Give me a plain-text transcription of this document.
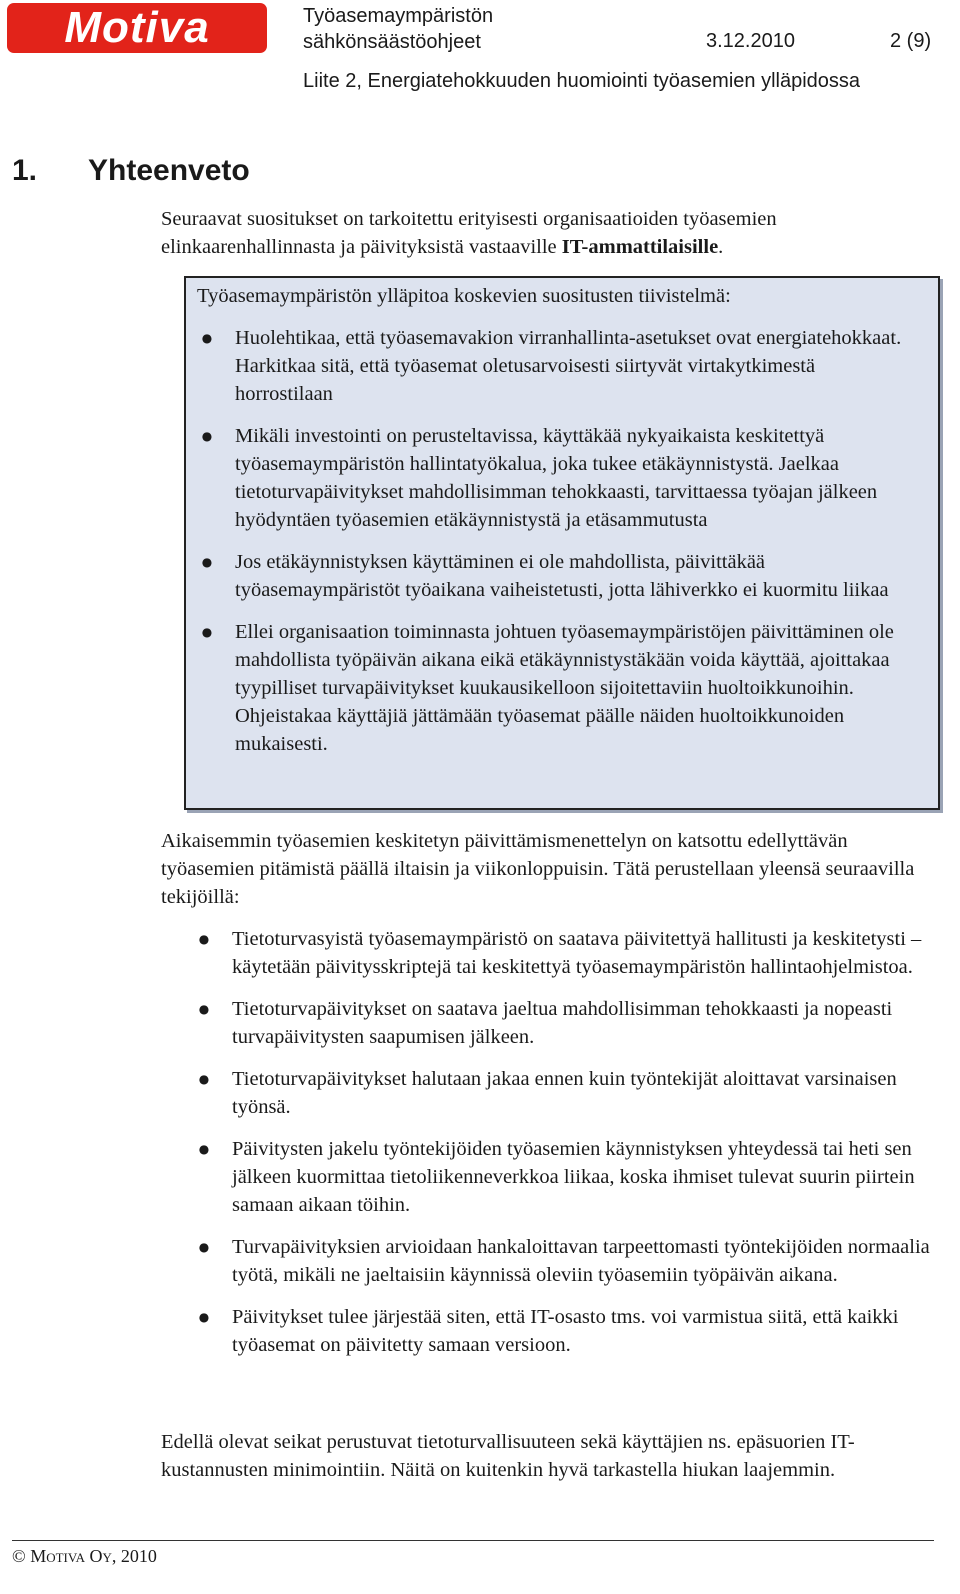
Motiva	Työasemaympäristön sähkönsäästöohjeet	3.12.2010	2 (9)
Liite 2, Energiatehokkuuden huomiointi työasemien ylläpidossa
1. Yhteenveto

Seuraavat suositukset on tarkoitettu erityisesti organisaatioiden työasemien elinkaarenhallinnasta ja päivityksistä vastaaville IT-ammattilaisille.

Työasemaympäristön ylläpitoa koskevien suositusten tiivistelmä:
● Huolehtikaa, että työasemavakion virranhallinta-asetukset ovat energiatehokkaat. Harkitkaa sitä, että työasemat oletusarvoisesti siirtyvät virtakytkimestä horrostilaan
● Mikäli investointi on perusteltavissa, käyttäkää nykyaikaista keskitettyä työasemaympäristön hallintatyökalua, joka tukee etäkäynnistystä. Jaelkaa tietoturvapäivitykset mahdollisimman tehokkaasti, tarvittaessa työajan jälkeen hyödyntäen työasemien etäkäynnistystä ja etäsammutusta
● Jos etäkäynnistyksen käyttäminen ei ole mahdollista, päivittäkää työasemaympäristöt työaikana vaiheistetusti, jotta lähiverkko ei kuormitu liikaa
● Ellei organisaation toiminnasta johtuen työasemaympäristöjen päivittäminen ole mahdollista työpäivän aikana eikä etäkäynnistystäkään voida käyttää, ajoittakaa tyypilliset turvapäivitykset kuukausikelloon sijoitettaviin huoltoikkunoihin. Ohjeistakaa käyttäjiä jättämään työasemat päälle näiden huoltoikkunoiden mukaisesti.

Aikaisemmin työasemien keskitetyn päivittämismenettelyn on katsottu edellyttävän työasemien pitämistä päällä iltaisin ja viikonloppuisin. Tätä perustellaan yleensä seuraavilla tekijöillä:

● Tietoturvasyistä työasemaympäristö on saatava päivitettyä hallitusti ja keskitetysti – käytetään päivitysskriptejä tai keskitettyä työasemaympäristön hallintaohjelmistoa.
● Tietoturvapäivitykset on saatava jaeltua mahdollisimman tehokkaasti ja nopeasti turvapäivitysten saapumisen jälkeen.
● Tietoturvapäivitykset halutaan jakaa ennen kuin työntekijät aloittavat varsinaisen työnsä.
● Päivitysten jakelu työntekijöiden työasemien käynnistyksen yhteydessä tai heti sen jälkeen kuormittaa tietoliikenneverkkoa liikaa, koska ihmiset tulevat suurin piirtein samaan aikaan töihin.
● Turvapäivityksien arvioidaan hankaloittavan tarpeettomasti työntekijöiden normaalia työtä, mikäli ne jaeltaisiin käynnissä oleviin työasemiin työpäivän aikana.
● Päivitykset tulee järjestää siten, että IT-osasto tms. voi varmistua siitä, että kaikki työasemat on päivitetty samaan versioon.

Edellä olevat seikat perustuvat tietoturvallisuuteen sekä käyttäjien ns. epäsuorien IT-kustannusten minimointiin. Näitä on kuitenkin hyvä tarkastella hiukan laajemmin.

© Motiva Oy, 2010
